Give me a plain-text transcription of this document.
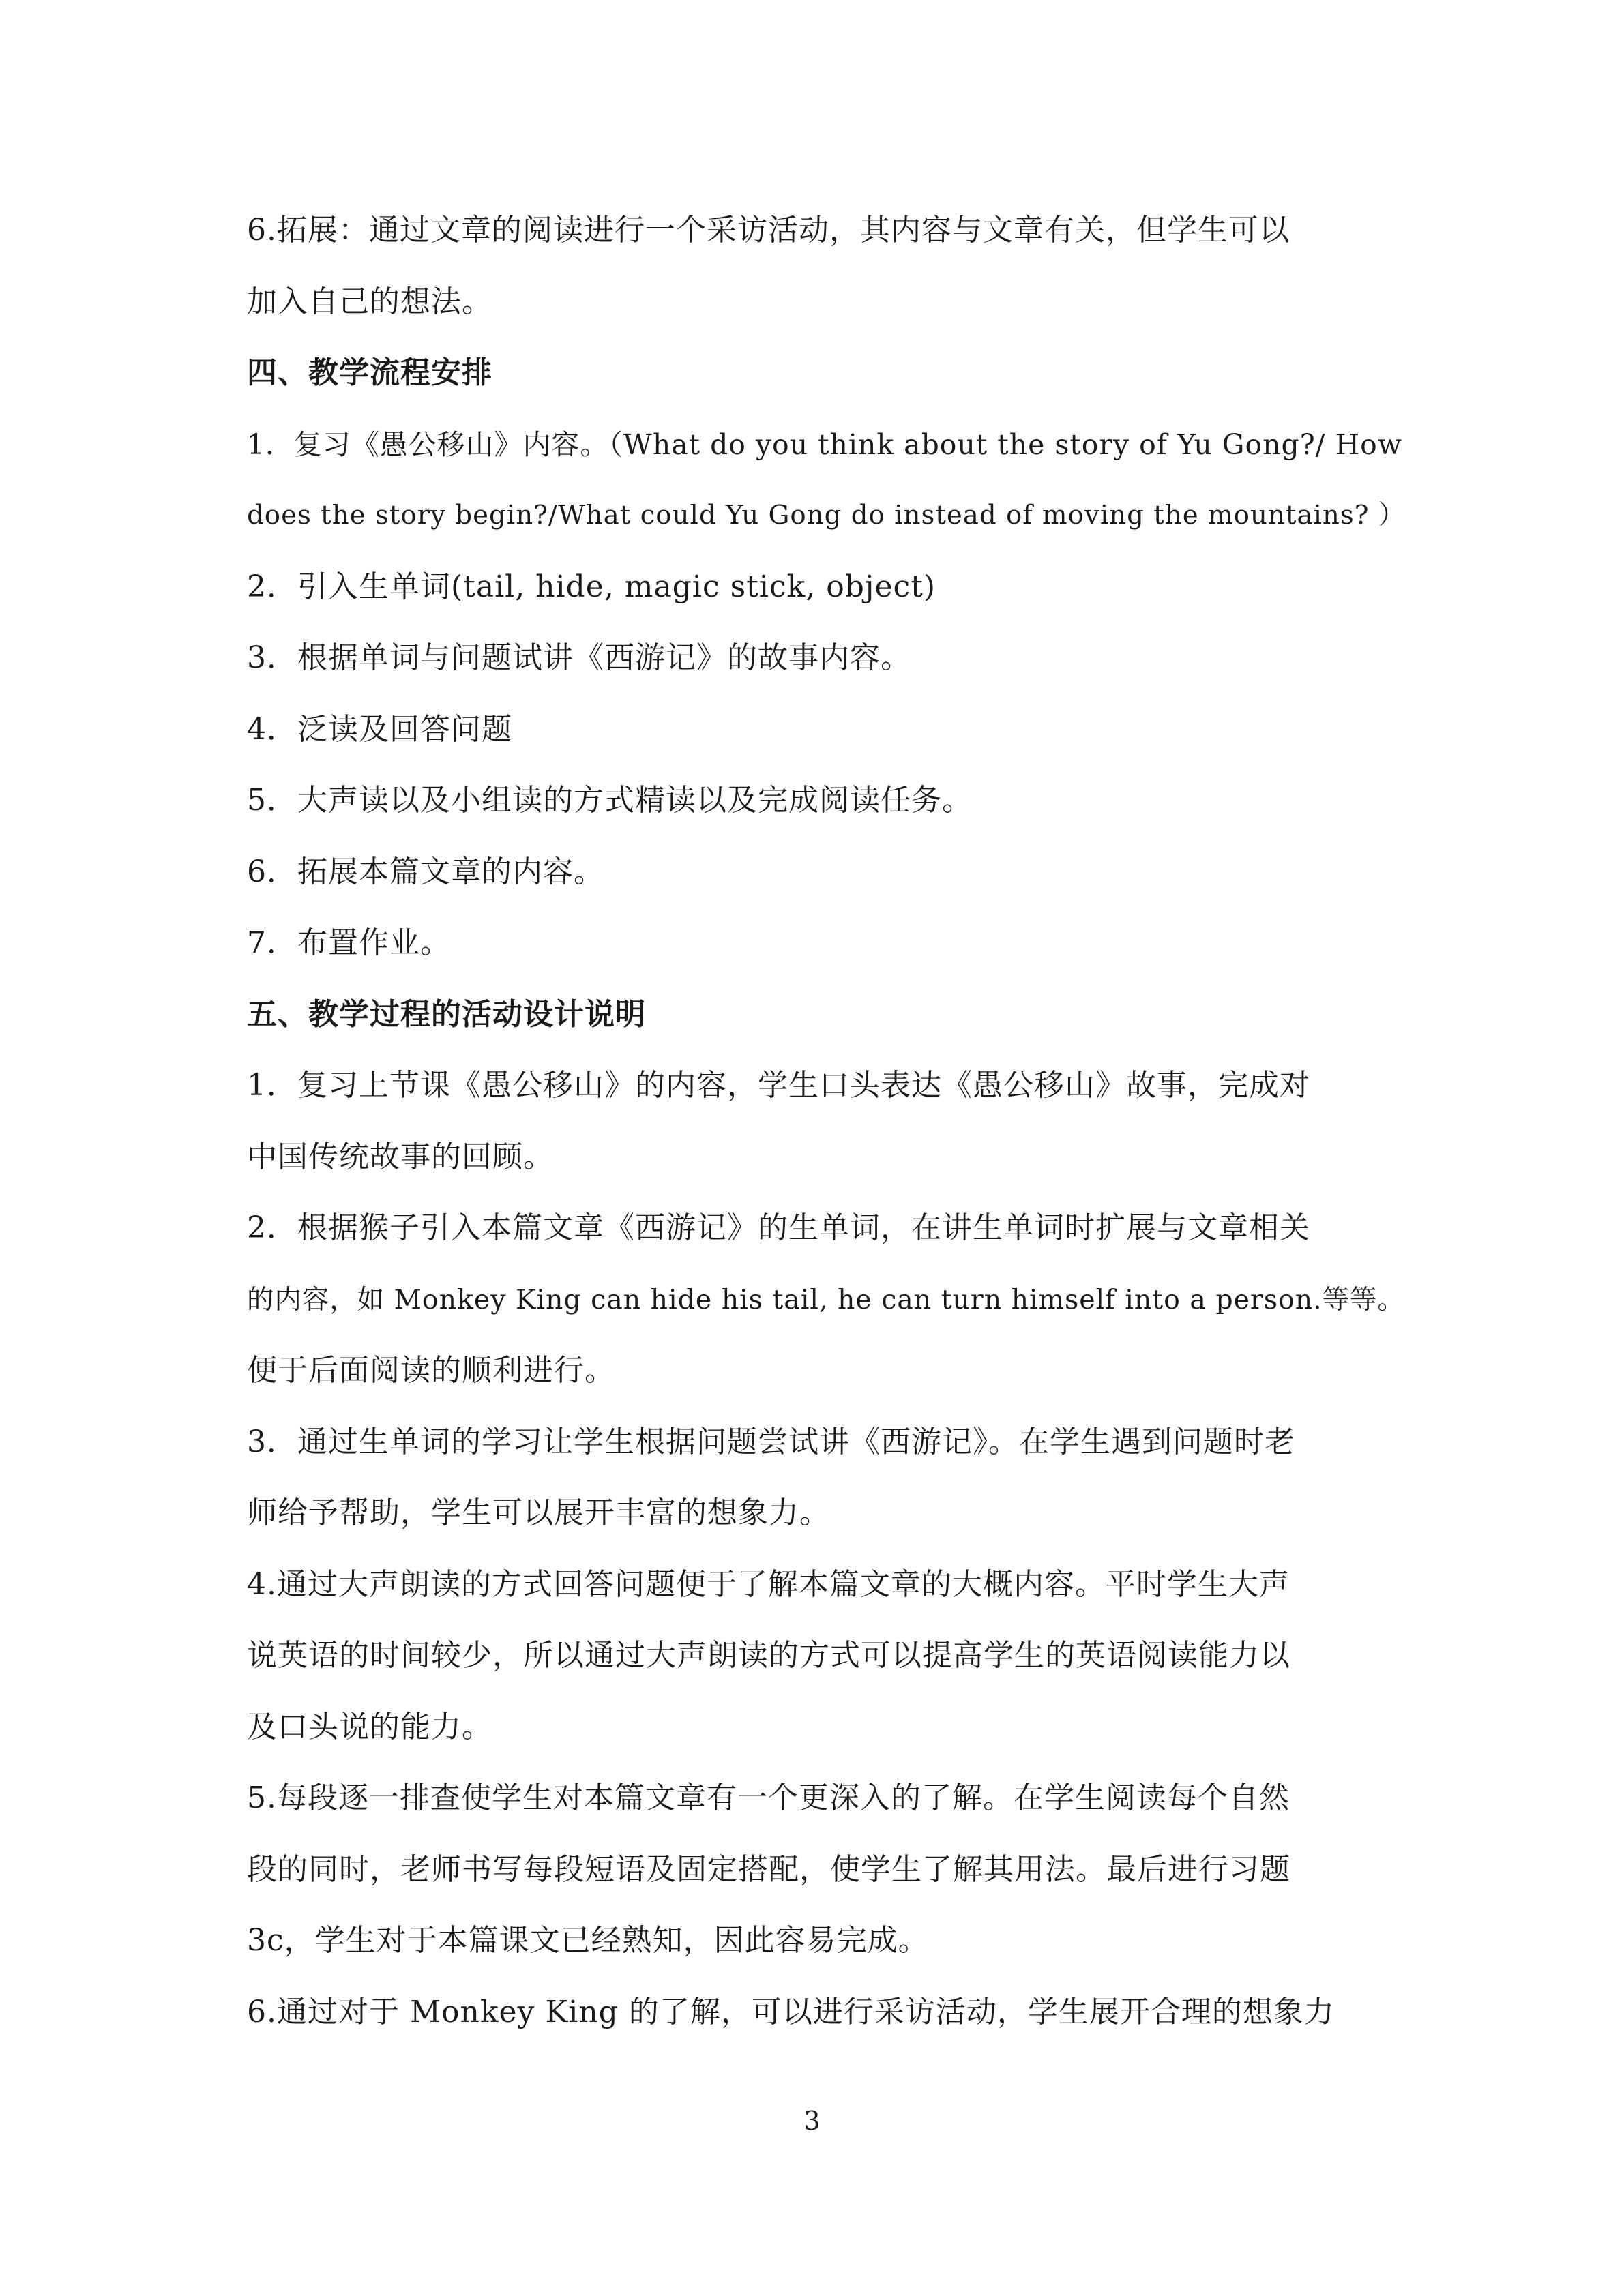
6.拓展：通过文章的阅读进行一个采访活动，其内容与文章有关，但学生可以
加入自己的想法。
四、教学流程安排
1．复习《愚公移山》内容。（What do you think about the story of Yu Gong?/ How
does the story begin?/What could Yu Gong do instead of moving the mountains? ）
2．引入生单词(tail, hide, magic stick, object)
3．根据单词与问题试讲《西游记》的故事内容。
4．泛读及回答问题
5．大声读以及小组读的方式精读以及完成阅读任务。
6．拓展本篇文章的内容。
7．布置作业。
五、教学过程的活动设计说明
1．复习上节课《愚公移山》的内容，学生口头表达《愚公移山》故事，完成对
中国传统故事的回顾。
2．根据猴子引入本篇文章《西游记》的生单词，在讲生单词时扩展与文章相关
的内容，如 Monkey King can hide his tail, he can turn himself into a person.等等。
便于后面阅读的顺利进行。
3．通过生单词的学习让学生根据问题尝试讲《西游记》。在学生遇到问题时老
师给予帮助，学生可以展开丰富的想象力。
4.通过大声朗读的方式回答问题便于了解本篇文章的大概内容。平时学生大声
说英语的时间较少，所以通过大声朗读的方式可以提高学生的英语阅读能力以
及口头说的能力。
5.每段逐一排查使学生对本篇文章有一个更深入的了解。在学生阅读每个自然
段的同时，老师书写每段短语及固定搭配，使学生了解其用法。最后进行习题
3c，学生对于本篇课文已经熟知，因此容易完成。
6.通过对于 Monkey King 的了解，可以进行采访活动，学生展开合理的想象力
3
